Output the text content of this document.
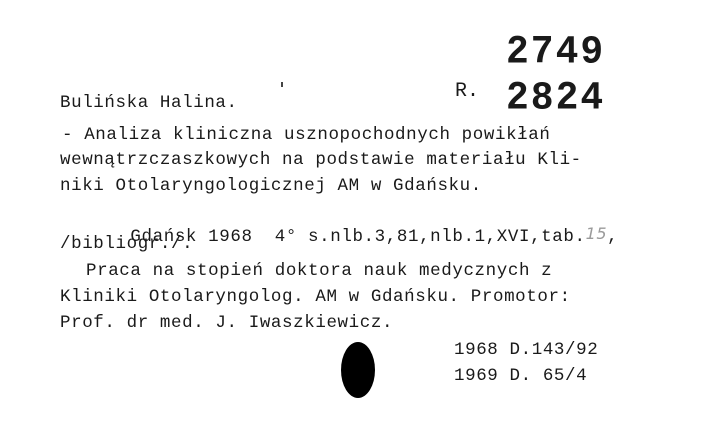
2749
R. 2824
Bulińska Halina.
- Analiza kliniczna usznopochodnych powikłań
wewnątrzczaszkowych na podstawie materiału Kli-
niki Otolaryngologicznej AM w Gdańsku.

Gdańsk 1968  4° s.nlb.3,81,nlb.1,XVI,tab.15,

/bibliogr./.
Praca na stopień doktora nauk medycznych z
Kliniki Otolaryngolog. AM w Gdańsku. Promotor:
Prof. dr med. J. Iwaszkiewicz.
1968 D.143/92
1969 D. 65/4
